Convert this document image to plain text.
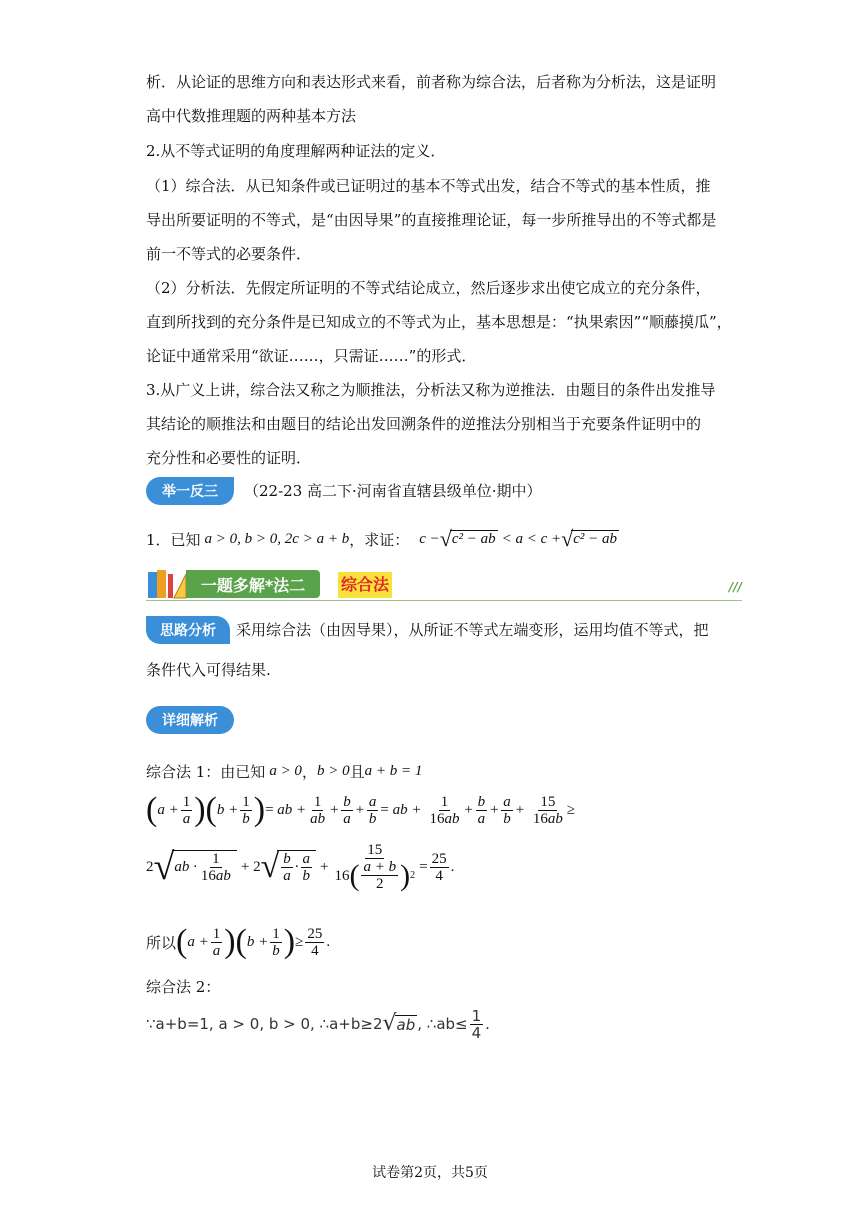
析．从论证的思维方向和表达形式来看，前者称为综合法，后者称为分析法，这是证明
高中代数推理题的两种基本方法
2.从不等式证明的角度理解两种证法的定义．
（1）综合法．从已知条件或已证明过的基本不等式出发，结合不等式的基本性质，推
导出所要证明的不等式，是“由因导果”的直接推理论证，每一步所推导出的不等式都是
前一不等式的必要条件．
（2）分析法．先假定所证明的不等式结论成立，然后逐步求出使它成立的充分条件，
直到所找到的充分条件是已知成立的不等式为止，基本思想是：“执果索因”“顺藤摸瓜”，
论证中通常采用“欲证……，只需证……”的形式．
3.从广义上讲，综合法又称之为顺推法，分析法又称为逆推法．由题目的条件出发推导
其结论的顺推法和由题目的结论出发回溯条件的逆推法分别相当于充要条件证明中的
充分性和必要性的证明．
举一反三	（22-23 高二下·河南省直辖县级单位·期中）
1．已知 a > 0, b > 0, 2c > a + b ，求证： c − √ c² − ab < a < c + √ c² − ab
一题多解*法二	综合法	///
思路分析	采用综合法（由因导果），从所证不等式左端变形，运用均值不等式，把
条件代入可得结果.
详细解析
综合法 1：由已知 a > 0 ， b > 0 且 a + b = 1
( $a + \frac{1}{a}$ ) ( $b + \frac{1}{b}$ ) = ab + $\frac{1}{ab} + \frac{b}{a} + \frac{a}{b}$ = ab + $\frac{1}{16ab} + \frac{b}{a} + \frac{a}{b} + \frac{15}{16ab}$ ≥
2 √ ab · $\frac{1}{16ab} + 2$ √ $\frac{b}{a} \cdot \frac{a}{b} + \frac{15}{16 ( \frac{a + b}{2} ) 2} = \frac{25}{4}$ .
所以 ( $a + \frac{1}{a}$ ) ( $b + \frac{1}{b}$ ) ≥ $\frac{25}{4}$ .
综合法 2：
∵a+b=1, a > 0, b > 0, ∴a+b≥2 √ ab , ∴ab≤ $\frac{1}{4}$ .
试卷第2页，共5页
